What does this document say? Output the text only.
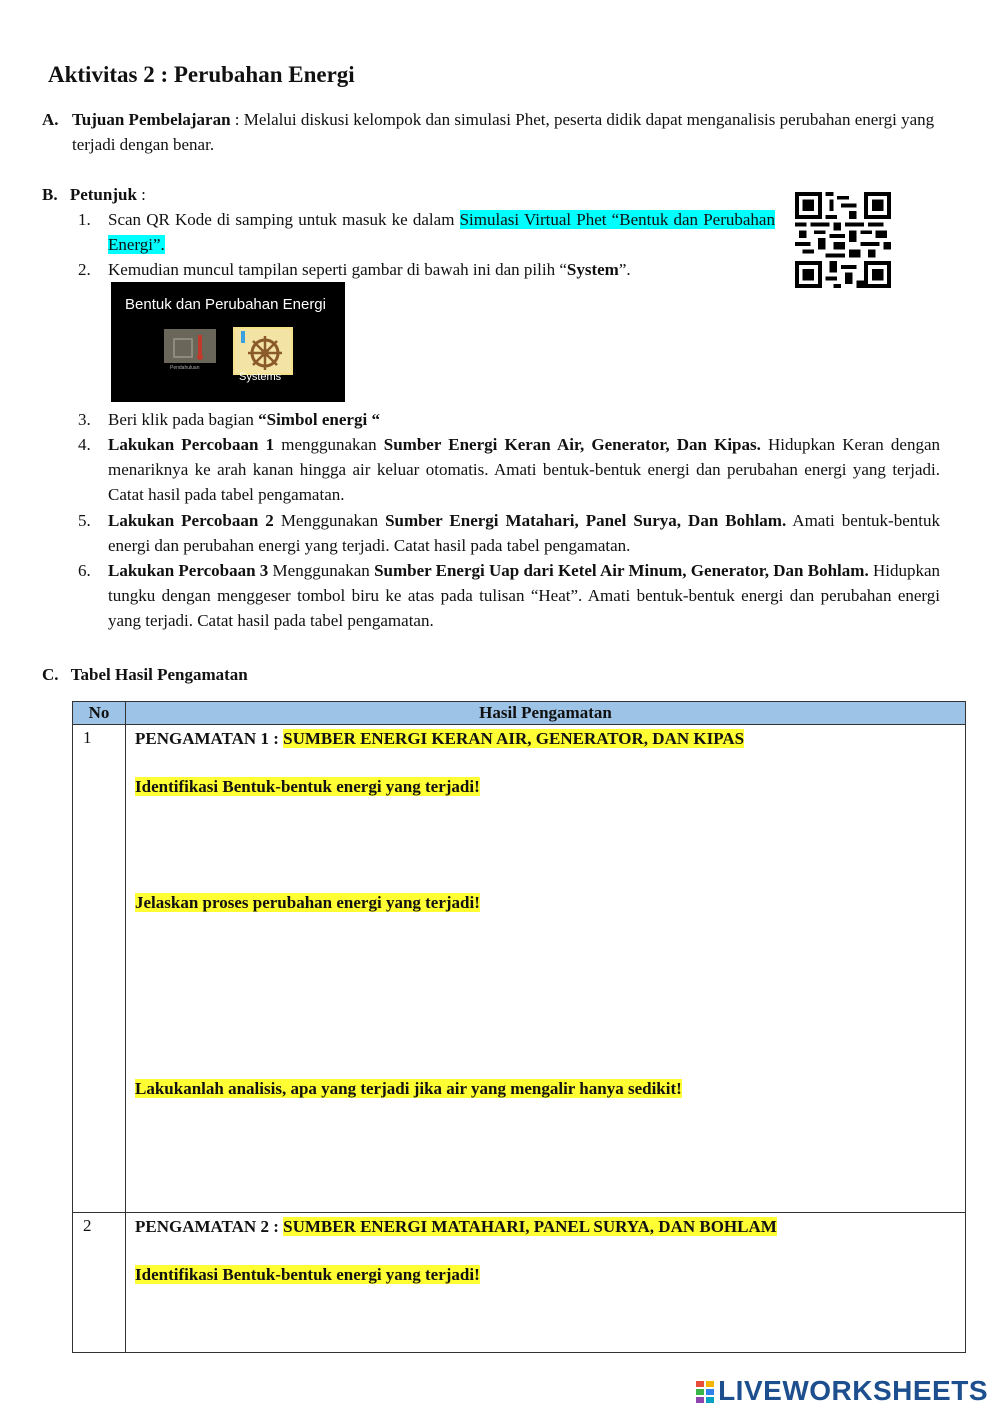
Aktivitas 2 : Perubahan Energi
A. Tujuan Pembelajaran : Melalui diskusi kelompok dan simulasi Phet, peserta didik dapat menganalisis perubahan energi yang terjadi dengan benar.
B. Petunjuk :
1. Scan QR Kode di samping untuk masuk ke dalam Simulasi Virtual Phet “Bentuk dan Perubahan Energi”.
2. Kemudian muncul tampilan seperti gambar di bawah ini dan pilih “System”.
Bentuk dan Perubahan Energi
Pendahuluan
Systems
3. Beri klik pada bagian “Simbol energi “
4. Lakukan Percobaan 1 menggunakan Sumber Energi Keran Air, Generator, Dan Kipas. Hidupkan Keran dengan menariknya ke arah kanan hingga air keluar otomatis. Amati bentuk-bentuk energi dan perubahan energi yang terjadi. Catat hasil pada tabel pengamatan.
5. Lakukan Percobaan 2 Menggunakan Sumber Energi Matahari, Panel Surya, Dan Bohlam. Amati bentuk-bentuk energi dan perubahan energi yang terjadi. Catat hasil pada tabel pengamatan.
6. Lakukan Percobaan 3 Menggunakan Sumber Energi Uap dari Ketel Air Minum, Generator, Dan Bohlam. Hidupkan tungku dengan menggeser tombol biru ke atas pada tulisan “Heat”. Amati bentuk-bentuk energi dan perubahan energi yang terjadi. Catat hasil pada tabel pengamatan.
C. Tabel Hasil Pengamatan
No	Hasil Pengamatan
1	PENGAMATAN 1 : SUMBER ENERGI KERAN AIR, GENERATOR, DAN KIPAS
Identifikasi Bentuk-bentuk energi yang terjadi!
Jelaskan proses perubahan energi yang terjadi!
Lakukanlah analisis, apa yang terjadi jika air yang mengalir hanya sedikit!

2	PENGAMATAN 2 : SUMBER ENERGI MATAHARI, PANEL SURYA, DAN BOHLAM
Identifikasi Bentuk-bentuk energi yang terjadi!
LIVEWORKSHEETS
